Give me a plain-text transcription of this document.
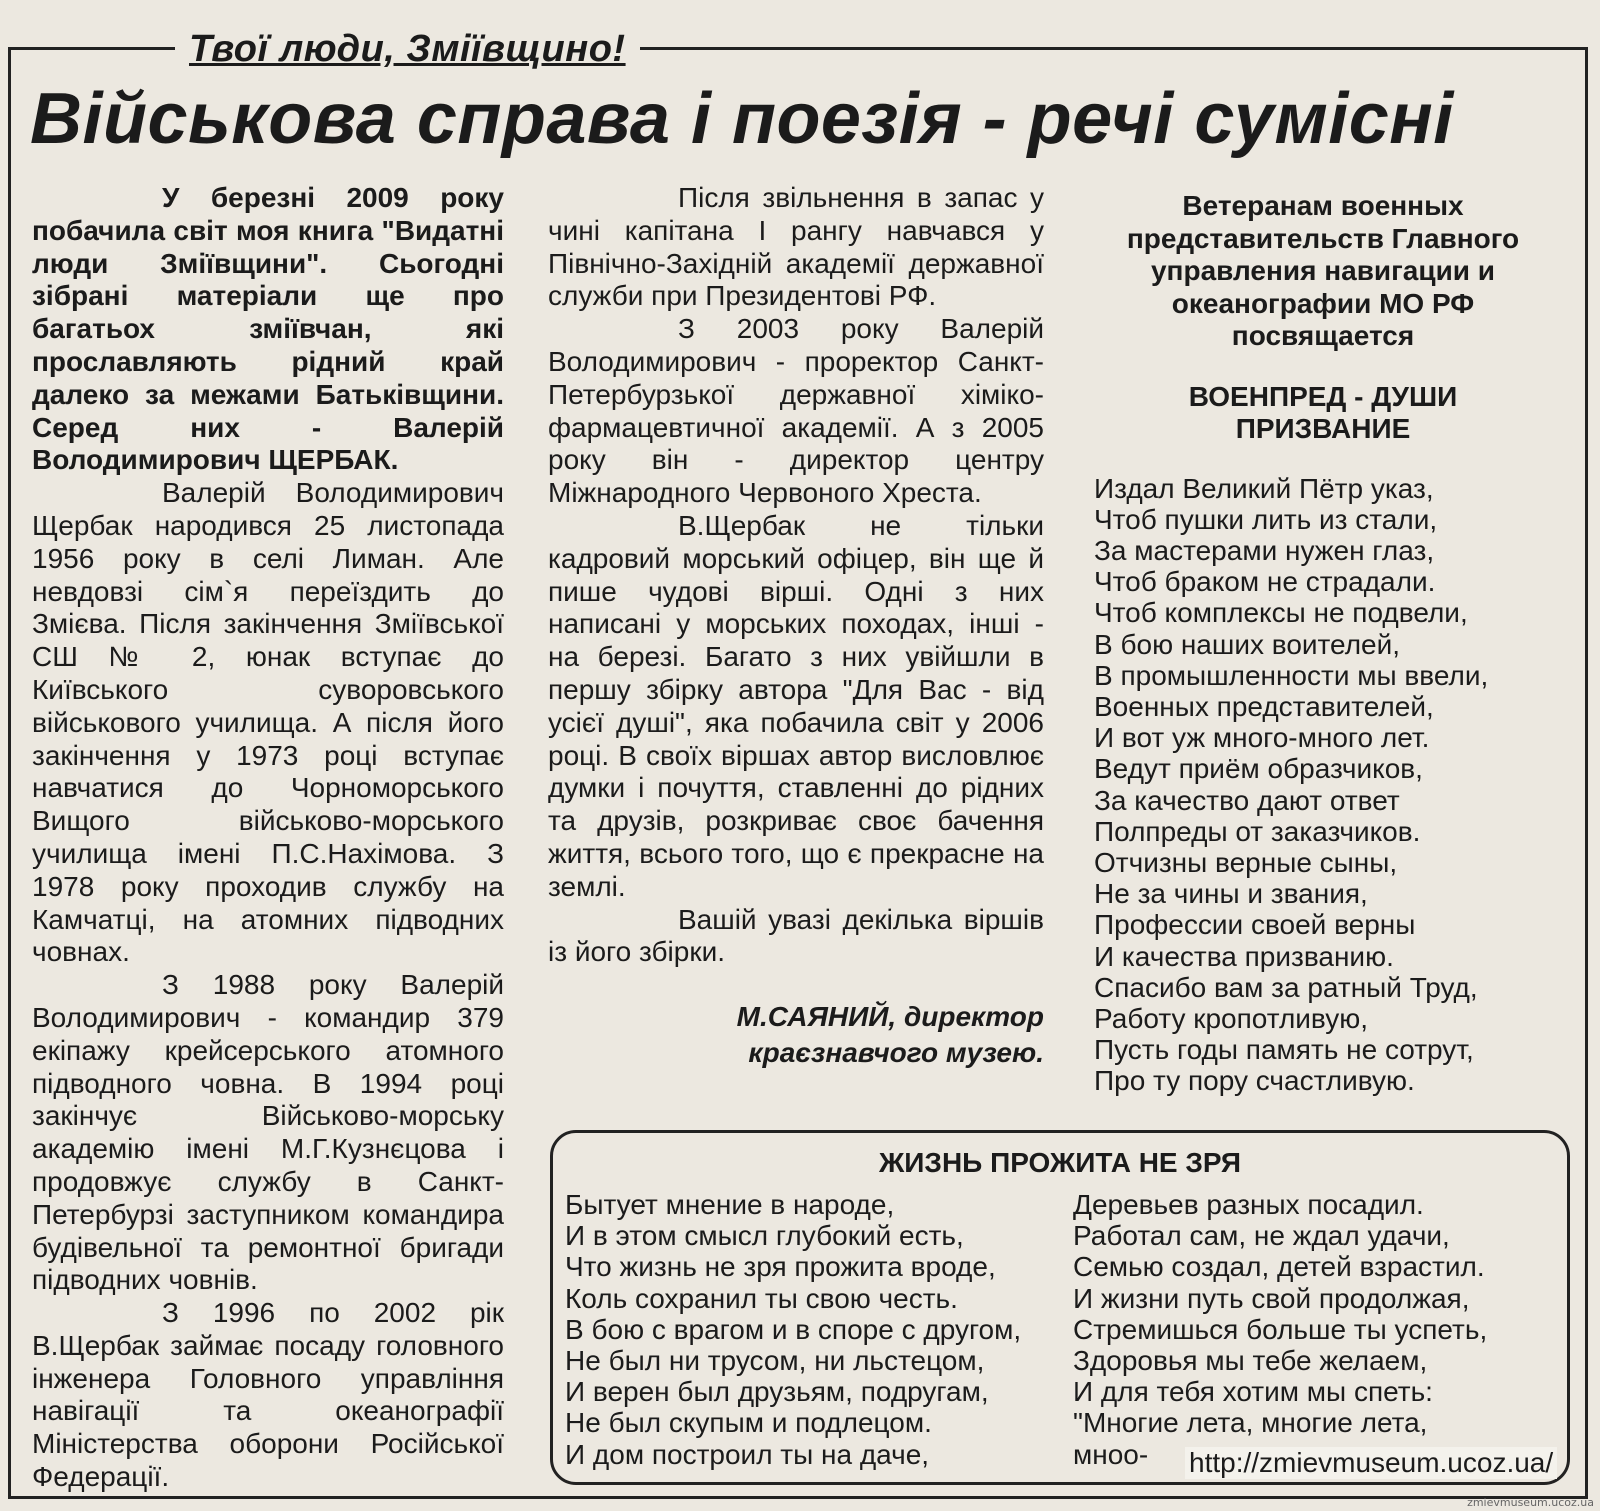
Твої люди, Зміївщино!
Військова справа і поезія - речі сумісні

У березні 2009 року побачила світ моя книга "Видатні люди Зміївщини". Сьогодні зібрані матеріали ще про багатьох зміївчан, які прославляють рідний край далеко за межами Батьківщини. Серед них - Валерій Володимирович ЩЕРБАК.

Валерій Володимирович Щербак народився 25 листопада 1956 року в селі Лиман. Але невдовзі сім`я переїздить до Змієва. Після закінчення Зміївської СШ № 2, юнак вступає до Київського суворовського військового училища. А після його закінчення у 1973 році вступає навчатися до Чорноморського Вищого військово-морського училища імені П.С.Нахімова. З 1978 року проходив службу на Камчатці, на атомних підводних човнах.

З 1988 року Валерій Володимирович - командир 379 екіпажу крейсерського атомного підводного човна. В 1994 році закінчує Військово-морську академію імені М.Г.Кузнєцова і продовжує службу в Санкт-Петербурзі заступником командира будівельної та ремонтної бригади підводних човнів.

З 1996 по 2002 рік В.Щербак займає посаду головного інженера Головного управління навігації та океанографії Міністерства оборони Російської Федерації.

Після звільнення в запас у чині капітана І рангу навчався у Північно-Західній академії державної служби при Президентові РФ.

З 2003 року Валерій Володимирович - проректор Санкт-Петербурзької державної хіміко-фармацевтичної академії. А з 2005 року він - директор центру Міжнародного Червоного Хреста.

В.Щербак не тільки кадровий морський офіцер, він ще й пише чудові вірші. Одні з них написані у морських походах, інші - на березі. Багато з них увійшли в першу збірку автора "Для Вас - від усієї душі", яка побачила світ у 2006 році. В своїх віршах автор висловлює думки і почуття, ставленні до рідних та друзів, розкриває своє бачення життя, всього того, що є прекрасне на землі.

Вашій увазі декілька віршів із його збірки.

М.САЯНИЙ, директор
краєзнавчого музею.
Ветеранам военных представительств Главного управления навигации и океанографии МО РФ посвящается
ВОЕНПРЕД - ДУШИ
ПРИЗВАНИЕ
Издал Великий Пётр указ,
Чтоб пушки лить из стали,
За мастерами нужен глаз,
Чтоб браком не страдали.
Чтоб комплексы не подвели,
В бою наших воителей,
В промышленности мы ввели,
Военных представителей,
И вот уж много-много лет.
Ведут приём образчиков,
За качество дают ответ
Полпреды от заказчиков.
Отчизны верные сыны,
Не за чины и звания,
Профессии своей верны
И качества призванию.
Спасибо вам за ратный Труд,
Работу кропотливую,
Пусть годы память не сотрут,
Про ту пору счастливую.
ЖИЗНЬ ПРОЖИТА НЕ ЗРЯ
Бытует мнение в народе,
И в этом смысл глубокий есть,
Что жизнь не зря прожита вроде,
Коль сохранил ты свою честь.
В бою с врагом и в споре с другом,
Не был ни трусом, ни льстецом,
И верен был друзьям, подругам,
Не был скупым и подлецом.
И дом построил ты на даче,
Деревьев разных посадил.
Работал сам, не ждал удачи,
Семью создал, детей взрастил.
И жизни путь свой продолжая,
Стремишься больше ты успеть,
Здоровья мы тебе желаем,
И для тебя хотим мы спеть:
"Многие лета, многие лета,
мноо-	http://zmievmuseum.ucoz.ua/
zmievmuseum.ucoz.ua
